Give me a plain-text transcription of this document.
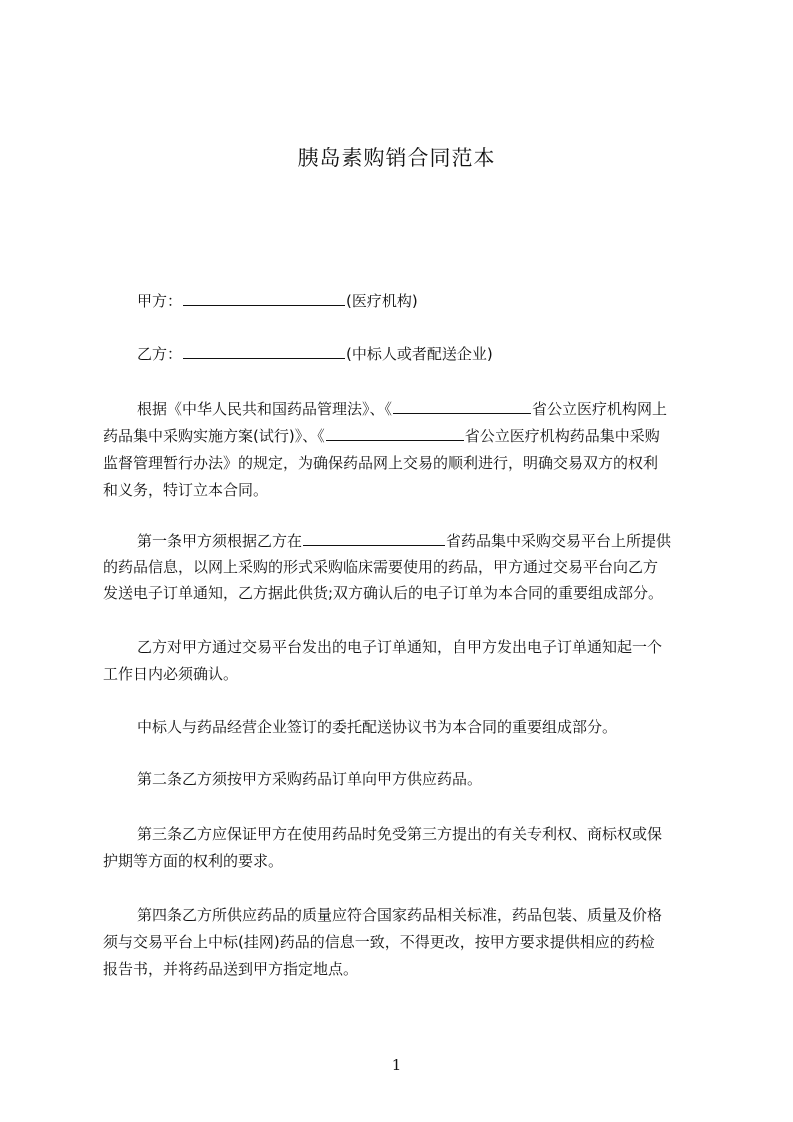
胰岛素购销合同范本
甲方：	(医疗机构)
乙方：	(中标人或者配送企业)
根据《中华人民共和国药品管理法》、《	省公立医疗机构网上
药品集中采购实施方案(试行)》、《	省公立医疗机构药品集中采购
监督管理暂行办法》的规定，为确保药品网上交易的顺利进行，明确交易双方的权利
和义务，特订立本合同。
第一条甲方须根据乙方在	省药品集中采购交易平台上所提供
的药品信息，以网上采购的形式采购临床需要使用的药品，甲方通过交易平台向乙方
发送电子订单通知，乙方据此供货;双方确认后的电子订单为本合同的重要组成部分。
乙方对甲方通过交易平台发出的电子订单通知，自甲方发出电子订单通知起一个
工作日内必须确认。
中标人与药品经营企业签订的委托配送协议书为本合同的重要组成部分。
第二条乙方须按甲方采购药品订单向甲方供应药品。
第三条乙方应保证甲方在使用药品时免受第三方提出的有关专利权、商标权或保
护期等方面的权利的要求。
第四条乙方所供应药品的质量应符合国家药品相关标准，药品包装、质量及价格
须与交易平台上中标(挂网)药品的信息一致，不得更改，按甲方要求提供相应的药检
报告书，并将药品送到甲方指定地点。
1
